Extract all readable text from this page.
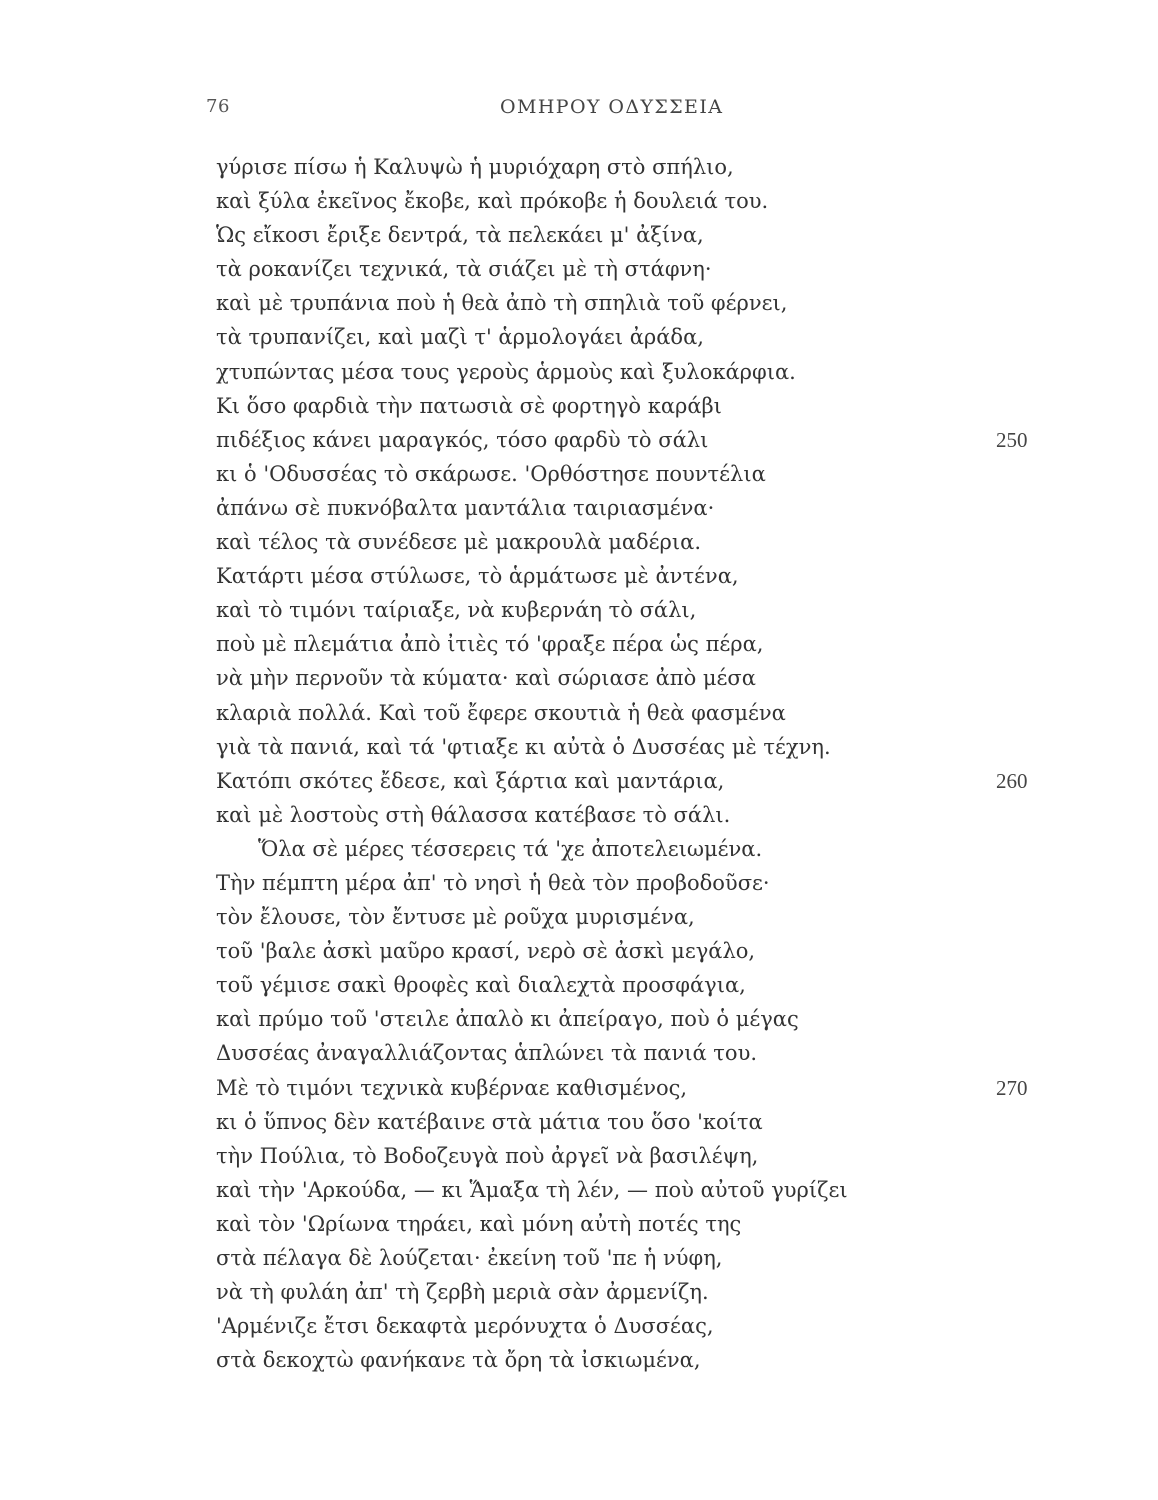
76	ΟΜΗΡΟΥ ΟΔΥΣΣΕΙΑ
γύρισε πίσω ἡ Καλυψὼ ἡ μυριόχαρη στὸ σπήλιο,
καὶ ξύλα ἐκεῖνος ἔκοβε, καὶ πρόκοβε ἡ δουλειά του.
Ὡς εἴκοσι ἔριξε δεντρά, τὰ πελεκάει μ' ἀξίνα,
τὰ ροκανίζει τεχνικά, τὰ σιάζει μὲ τὴ στάφνη·
καὶ μὲ τρυπάνια ποὺ ἡ θεὰ ἀπὸ τὴ σπηλιὰ τοῦ φέρνει,
τὰ τρυπανίζει, καὶ μαζὶ τ' ἁρμολογάει ἀράδα,
χτυπώντας μέσα τους γεροὺς ἁρμοὺς καὶ ξυλοκάρφια.
Κι ὅσο φαρδιὰ τὴν πατωσιὰ σὲ φορτηγὸ καράβι
πιδέξιος κάνει μαραγκός, τόσο φαρδὺ τὸ σάλι	250
κι ὁ 'Οδυσσέας τὸ σκάρωσε. 'Ορθόστησε πουντέλια
ἀπάνω σὲ πυκνόβαλτα μαντάλια ταιριασμένα·
καὶ τέλος τὰ συνέδεσε μὲ μακρουλὰ μαδέρια.
Κατάρτι μέσα στύλωσε, τὸ ἁρμάτωσε μὲ ἀντένα,
καὶ τὸ τιμόνι ταίριαξε, νὰ κυβερνάη τὸ σάλι,
ποὺ μὲ πλεμάτια ἀπὸ ἰτιὲς τό 'φραξε πέρα ὡς πέρα,
νὰ μὴν περνοῦν τὰ κύματα· καὶ σώριασε ἀπὸ μέσα
κλαριὰ πολλά. Καὶ τοῦ ἔφερε σκουτιὰ ἡ θεὰ φασμένα
γιὰ τὰ πανιά, καὶ τά 'φτιαξε κι αὐτὰ ὁ Δυσσέας μὲ τέχνη.
Κατόπι σκότες ἔδεσε, καὶ ξάρτια καὶ μαντάρια,	260
καὶ μὲ λοστοὺς στὴ θάλασσα κατέβασε τὸ σάλι.
Ὅλα σὲ μέρες τέσσερεις τά 'χε ἀποτελειωμένα.
Τὴν πέμπτη μέρα ἀπ' τὸ νησὶ ἡ θεὰ τὸν προβοδοῦσε·
τὸν ἔλουσε, τὸν ἔντυσε μὲ ροῦχα μυρισμένα,
τοῦ 'βαλε ἀσκὶ μαῦρο κρασί, νερὸ σὲ ἀσκὶ μεγάλο,
τοῦ γέμισε σακὶ θροφὲς καὶ διαλεχτὰ προσφάγια,
καὶ πρύμο τοῦ 'στειλε ἀπαλὸ κι ἀπείραγο, ποὺ ὁ μέγας
Δυσσέας ἀναγαλλιάζοντας ἁπλώνει τὰ πανιά του.
Μὲ τὸ τιμόνι τεχνικὰ κυβέρναε καθισμένος,	270
κι ὁ ὕπνος δὲν κατέβαινε στὰ μάτια του ὅσο 'κοίτα
τὴν Πούλια, τὸ Βοδοζευγὰ ποὺ ἀργεῖ νὰ βασιλέψη,
καὶ τὴν 'Αρκούδα, — κι Ἅμαξα τὴ λέν, — ποὺ αὐτοῦ γυρίζει
καὶ τὸν 'Ωρίωνα τηράει, καὶ μόνη αὐτὴ ποτές της
στὰ πέλαγα δὲ λούζεται· ἐκείνη τοῦ 'πε ἡ νύφη,
νὰ τὴ φυλάη ἀπ' τὴ ζερβὴ μεριὰ σὰν ἀρμενίζη.
'Αρμένιζε ἔτσι δεκαφτὰ μερόνυχτα ὁ Δυσσέας,
στὰ δεκοχτὼ φανήκανε τὰ ὄρη τὰ ἰσκιωμένα,
